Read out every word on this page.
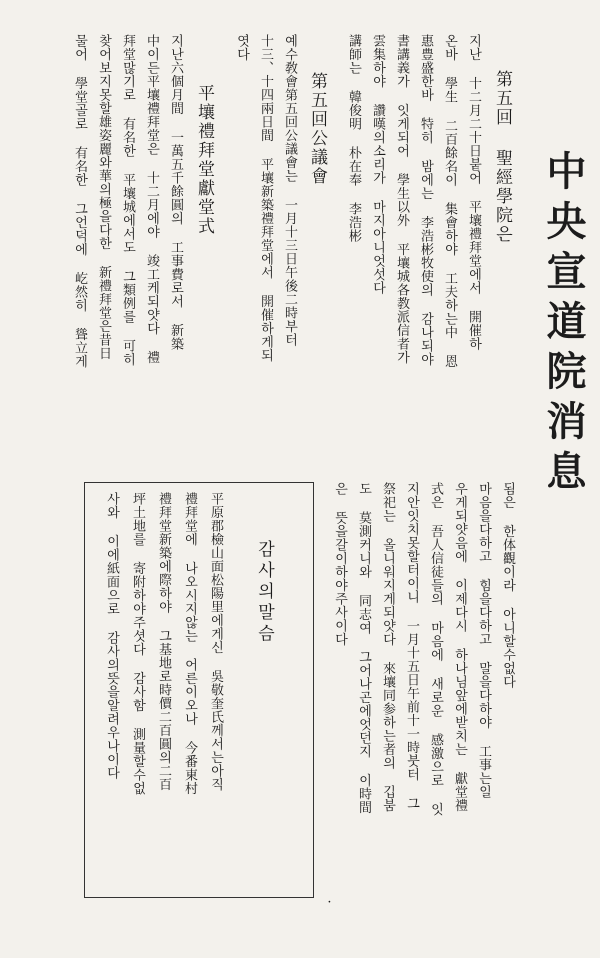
中央宣道院消息
第五回 聖經學院은
지난 十二月二十日붙어 平壤禮拜堂에서 開催하
온바 學生 二百餘名이 集會하야 工夫하는中 恩
惠豊盛한바 特히 밤에는 李浩彬牧使의 감나되야
書講義가 잇게되어 學生以外 平壤城各教派信者가
雲集하야 讚嘆의소리가 마지아니엇섯다
講師는 韓俊明 朴在奉 李浩彬
第五回公議會
예수敎會第五回公議會는 一月十三日午後二時부터
十三、十四兩日間 平壤新築禮拜堂에서 開催하게되
엿다
平壤禮拜堂獻堂式
지난六個月間 一萬五千餘圓의 工事費로서 新築
中이든平壤禮拜堂은 十二月에야 竣工케되얏다 禮
拜堂많기로 有名한 平壤城에서도 그類例를 可히
찾어보지못할雄姿麗와華의極을다한 新禮拜堂은昔日
물어 學堂골로 有名한 그언덕에 屹然히 聳立게
됨은 한体觀이라 아니할수없다
마음을다하고 힘을다하고 말을다하야 工事는일
우게되얏음에 이제다시 하나님앞에받치는 獻堂禮
式은 吾人信徒들의 마음에 새로운 感激으로 잇
지안잇치못할터이니 一月十五日午前十一時붓터 그
祭祀는 올니워지게되얏다 來壤同参하는者의 깁붐
도 莫測커니와 同志여 그어나곤에엇던지 이時間
은 뜻을갈이하야주사이다
·
감사의말슴
平原郡檢山面松陽里에게신 吳敬奎氏께서는아직
禮拜堂에 나오시지않는 어른이오나 今番東村
禮拜堂新築에際하야 그基地로時價二百圓의二百
坪土地를 寄附하야주셧다 감사함 測量할수없
사와 이에紙面으로 감사의뜻을알려우나이다
